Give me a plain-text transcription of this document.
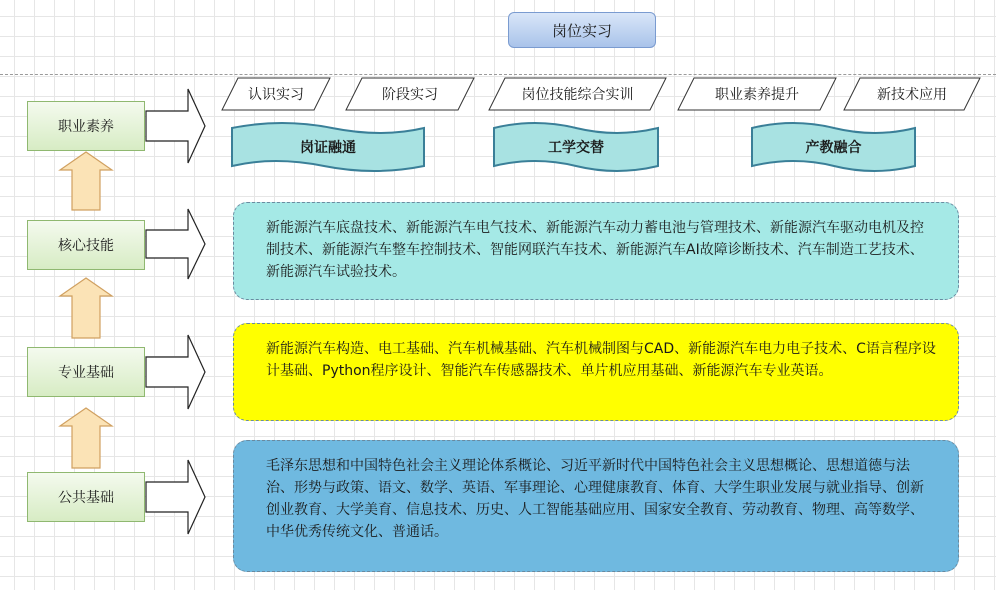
岗位实习
职业素养
核心技能
专业基础
公共基础
认识实习	阶段实习	岗位技能综合实训	职业素养提升	新技术应用
岗证融通	工学交替	产教融合
新能源汽车底盘技术、新能源汽车电气技术、新能源汽车动力蓄电池与管理技术、新能源汽车驱动电机及控制技术、新能源汽车整车控制技术、智能网联汽车技术、新能源汽车AI故障诊断技术、汽车制造工艺技术、新能源汽车试验技术。
新能源汽车构造、电工基础、汽车机械基础、汽车机械制图与CAD、新能源汽车电力电子技术、C语言程序设计基础、Python程序设计、智能汽车传感器技术、单片机应用基础、新能源汽车专业英语。
毛泽东思想和中国特色社会主义理论体系概论、习近平新时代中国特色社会主义思想概论、思想道德与法治、形势与政策、语文、数学、英语、军事理论、心理健康教育、体育、大学生职业发展与就业指导、创新创业教育、大学美育、信息技术、历史、人工智能基础应用、国家安全教育、劳动教育、物理、高等数学、中华优秀传统文化、普通话。
